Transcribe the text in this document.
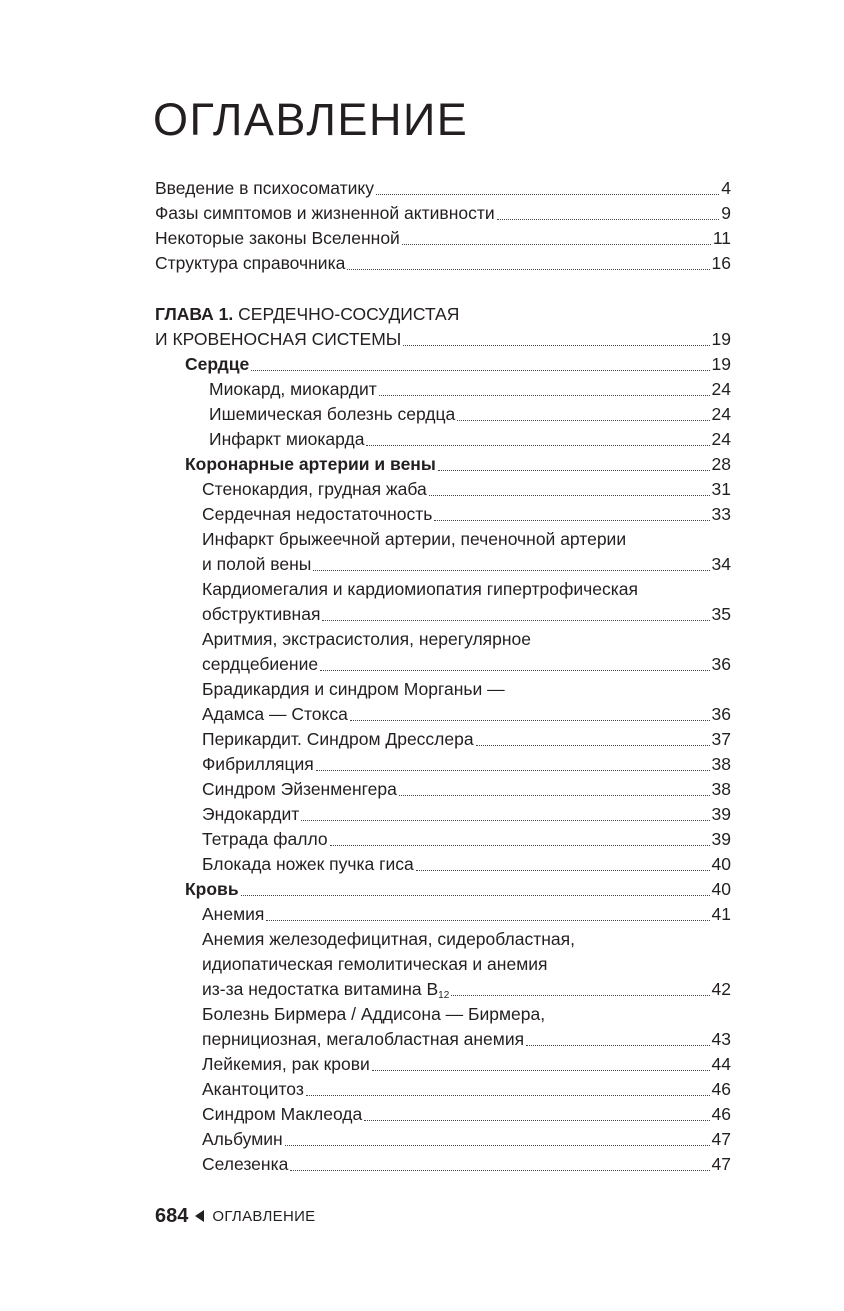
ОГЛАВЛЕНИЕ
Введение в психосоматику	4
Фазы симптомов и жизненной активности	9
Некоторые законы Вселенной	11
Структура справочника	16
ГЛАВА 1. СЕРДЕЧНО-СОСУДИСТАЯ
И КРОВЕНОСНАЯ СИСТЕМЫ	19
Сердце	19
Миокард, миокардит	24
Ишемическая болезнь сердца	24
Инфаркт миокарда	24
Коронарные артерии и вены	28
Стенокардия, грудная жаба	31
Сердечная недостаточность	33
Инфаркт брыжеечной артерии, печеночной артерии
и полой вены	34
Кардиомегалия и кардиомиопатия гипертрофическая
обструктивная	35
Аритмия, экстрасистолия, нерегулярное
сердцебиение	36
Брадикардия и синдром Морганьи —
Адамса — Стокса	36
Перикардит. Синдром Дресслера	37
Фибрилляция	38
Синдром Эйзенменгера	38
Эндокардит	39
Тетрада фалло	39
Блокада ножек пучка гиса	40
Кровь	40
Анемия	41
Анемия железодефицитная, сидеробластная,
идиопатическая гемолитическая и анемия
из-за недостатка витамина $B_{12}$	42
Болезнь Бирмера / Аддисона — Бирмера,
пернициозная, мегалобластная анемия	43
Лейкемия, рак крови	44
Акантоцитоз	46
Синдром Маклеода	46
Альбумин	47
Селезенка	47
684 ОГЛАВЛЕНИЕ
